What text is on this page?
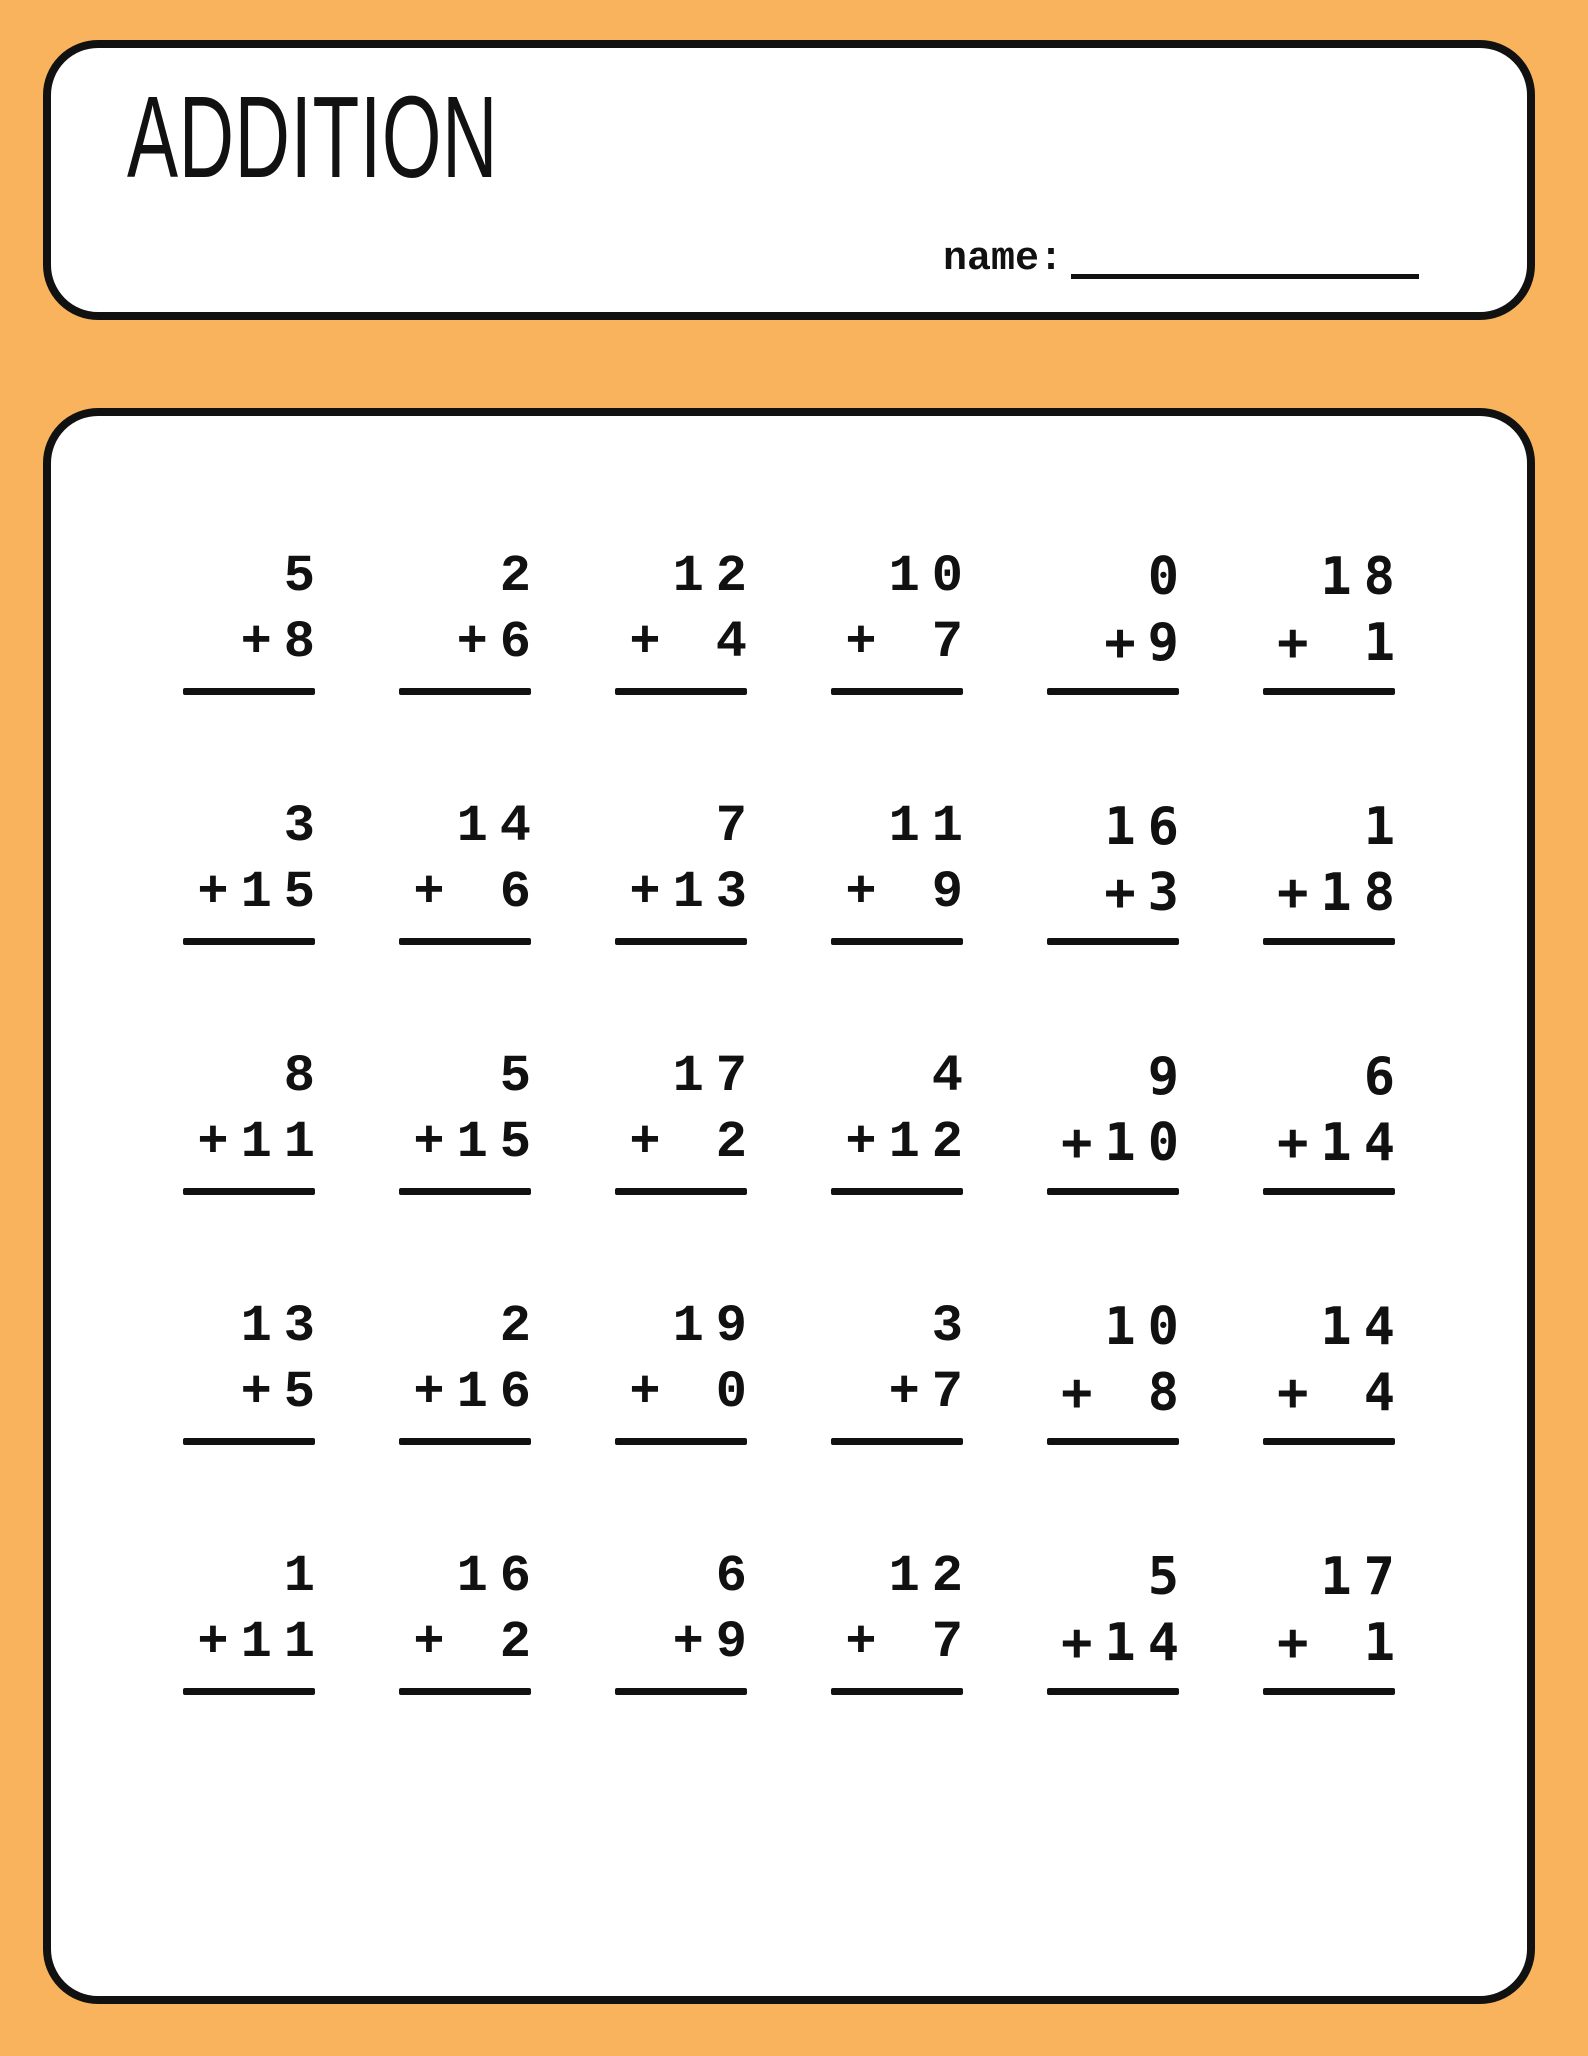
ADDITION
name:
5
+8
2
+6
12
+ 4
10
+ 7
0
+9
18
+ 1
3
+15
14
+ 6
7
+13
11
+ 9
16
+3
1
+18
8
+11
5
+15
17
+ 2
4
+12
9
+10
6
+14
13
+5
2
+16
19
+ 0
3
+7
10
+ 8
14
+ 4
1
+11
16
+ 2
6
+9
12
+ 7
5
+14
17
+ 1
